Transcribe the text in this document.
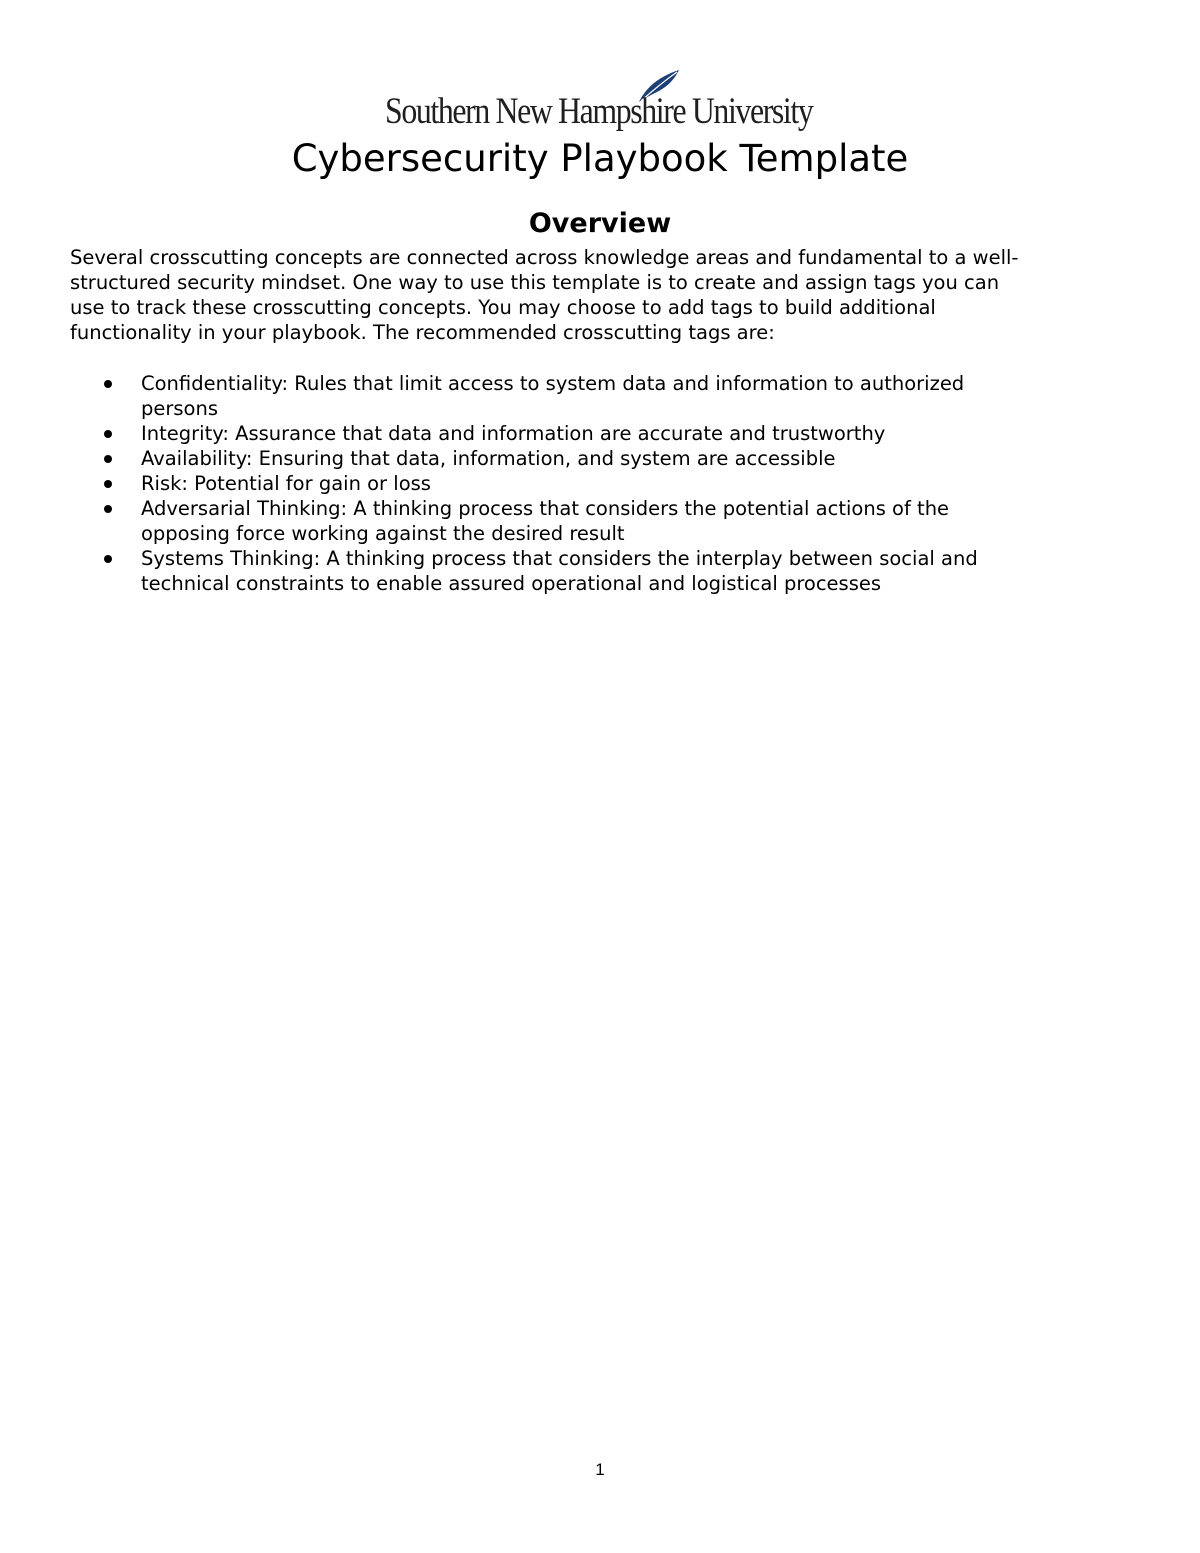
Southern New Hampshire University
Cybersecurity Playbook Template
Overview

Several crosscutting concepts are connected across knowledge areas and fundamental to a well-
structured security mindset. One way to use this template is to create and assign tags you can
use to track these crosscutting concepts. You may choose to add tags to build additional
functionality in your playbook. The recommended crosscutting tags are:

Confidentiality: Rules that limit access to system data and information to authorized
persons
Integrity: Assurance that data and information are accurate and trustworthy
Availability: Ensuring that data, information, and system are accessible
Risk: Potential for gain or loss
Adversarial Thinking: A thinking process that considers the potential actions of the
opposing force working against the desired result
Systems Thinking: A thinking process that considers the interplay between social and
technical constraints to enable assured operational and logistical processes
1
